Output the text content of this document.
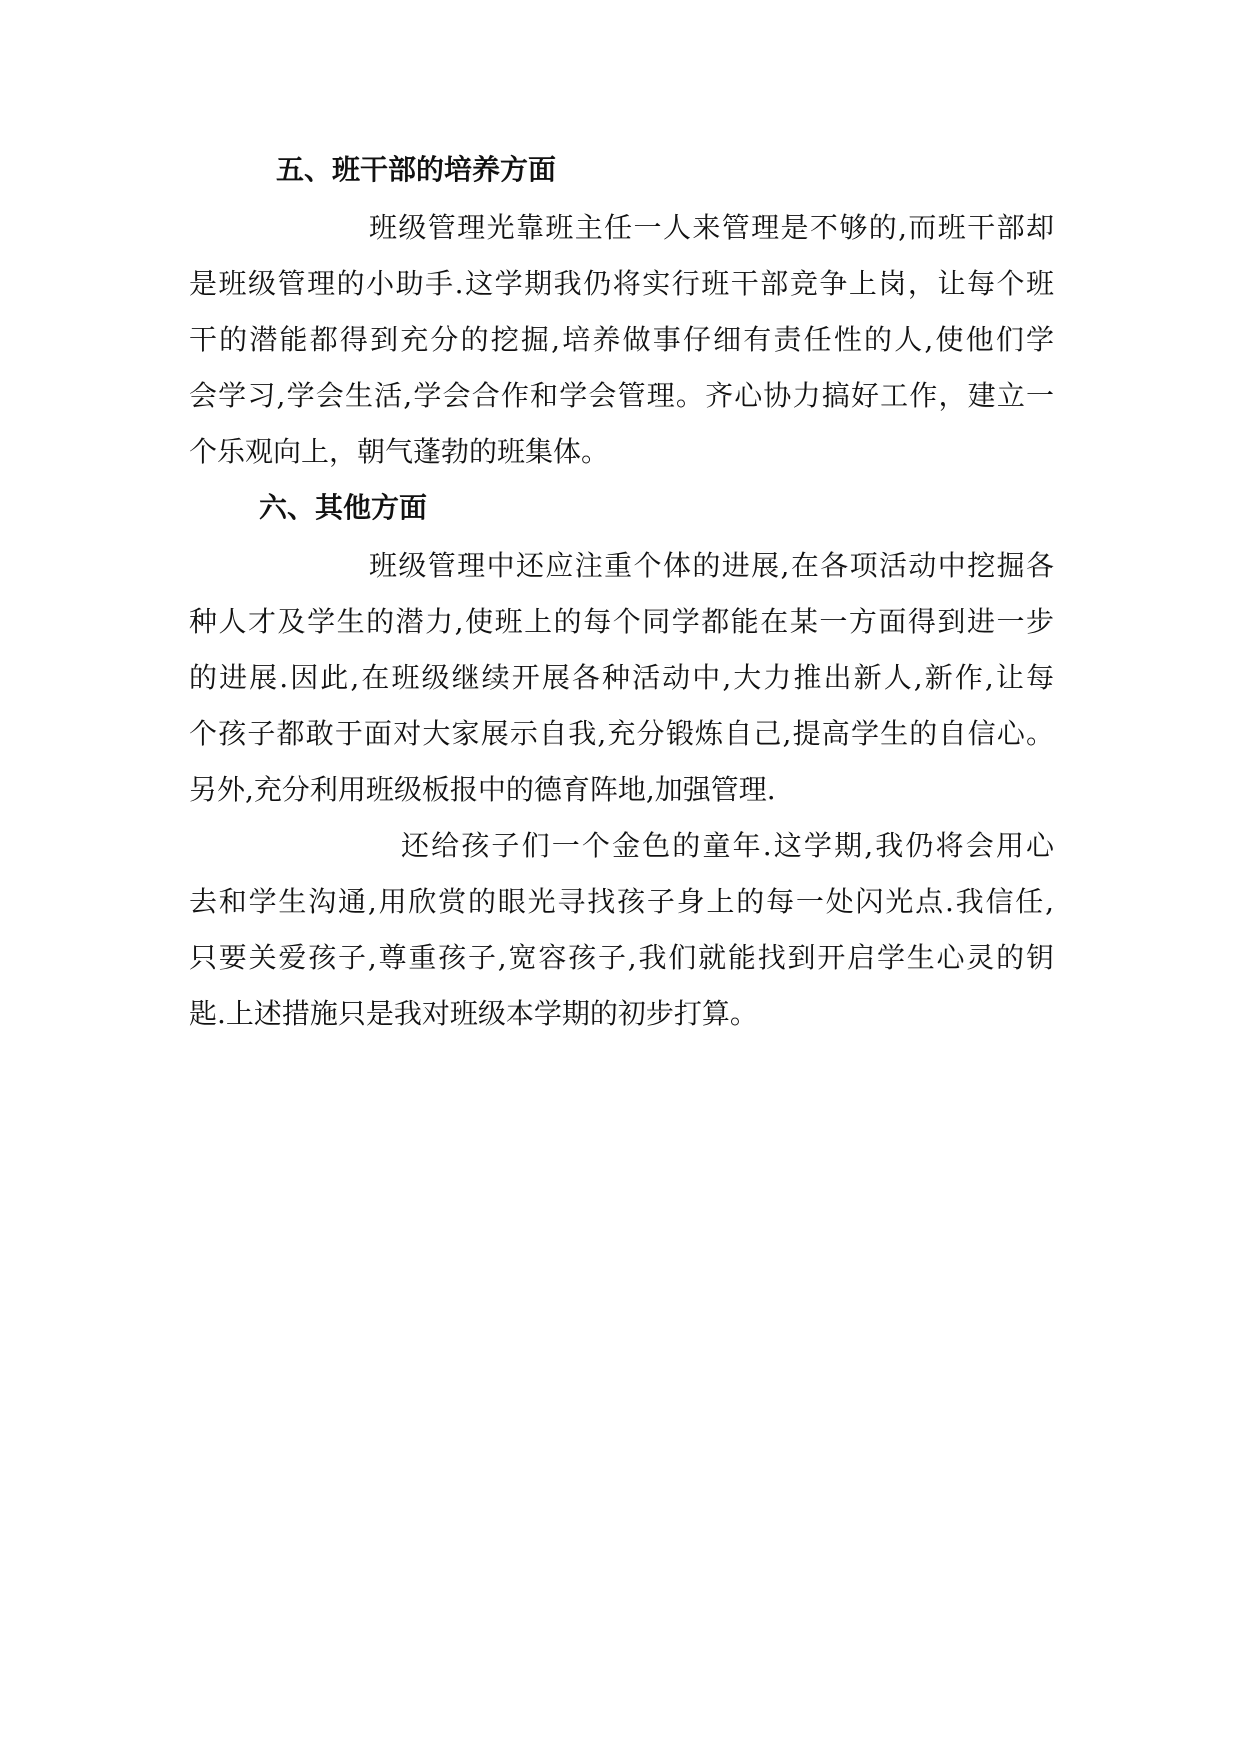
五、班干部的培养方面
班级管理光靠班主任一人来管理是不够的,而班干部却
是班级管理的小助手.这学期我仍将实行班干部竞争上岗，让每个班
干的潜能都得到充分的挖掘,培养做事仔细有责任性的人,使他们学
会学习,学会生活,学会合作和学会管理。齐心协力搞好工作，建立一
个乐观向上，朝气蓬勃的班集体。
六、其他方面
班级管理中还应注重个体的进展,在各项活动中挖掘各
种人才及学生的潜力,使班上的每个同学都能在某一方面得到进一步
的进展.因此,在班级继续开展各种活动中,大力推出新人,新作,让每
个孩子都敢于面对大家展示自我,充分锻炼自己,提高学生的自信心。
另外,充分利用班级板报中的德育阵地,加强管理.
还给孩子们一个金色的童年.这学期,我仍将会用心
去和学生沟通,用欣赏的眼光寻找孩子身上的每一处闪光点.我信任,
只要关爱孩子,尊重孩子,宽容孩子,我们就能找到开启学生心灵的钥
匙.上述措施只是我对班级本学期的初步打算。
